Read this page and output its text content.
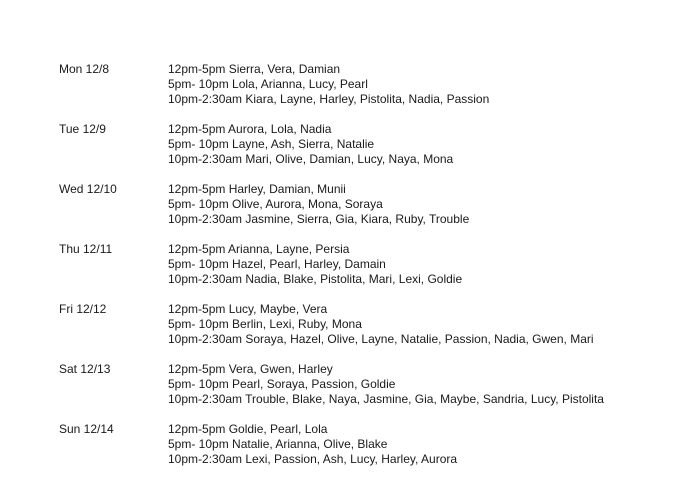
Mon 12/8	12pm-5pm Sierra, Vera, Damian
5pm- 10pm Lola, Arianna, Lucy, Pearl
10pm-2:30am Kiara, Layne, Harley, Pistolita, Nadia, Passion
Tue 12/9	12pm-5pm Aurora, Lola, Nadia
5pm- 10pm Layne, Ash, Sierra, Natalie
10pm-2:30am Mari, Olive, Damian, Lucy, Naya, Mona
Wed 12/10	12pm-5pm Harley, Damian, Munii
5pm- 10pm Olive, Aurora, Mona, Soraya
10pm-2:30am Jasmine, Sierra, Gia, Kiara, Ruby, Trouble
Thu 12/11	12pm-5pm Arianna, Layne, Persia
5pm- 10pm Hazel, Pearl, Harley, Damain
10pm-2:30am Nadia, Blake, Pistolita, Mari, Lexi, Goldie
Fri 12/12	12pm-5pm Lucy, Maybe, Vera
5pm- 10pm Berlin, Lexi, Ruby, Mona
10pm-2:30am Soraya, Hazel, Olive, Layne, Natalie, Passion, Nadia, Gwen, Mari
Sat 12/13	12pm-5pm Vera, Gwen, Harley
5pm- 10pm Pearl, Soraya, Passion, Goldie
10pm-2:30am Trouble, Blake, Naya, Jasmine, Gia, Maybe, Sandria, Lucy, Pistolita
Sun 12/14	12pm-5pm Goldie, Pearl, Lola
5pm- 10pm Natalie, Arianna, Olive, Blake
10pm-2:30am Lexi, Passion, Ash, Lucy, Harley, Aurora
